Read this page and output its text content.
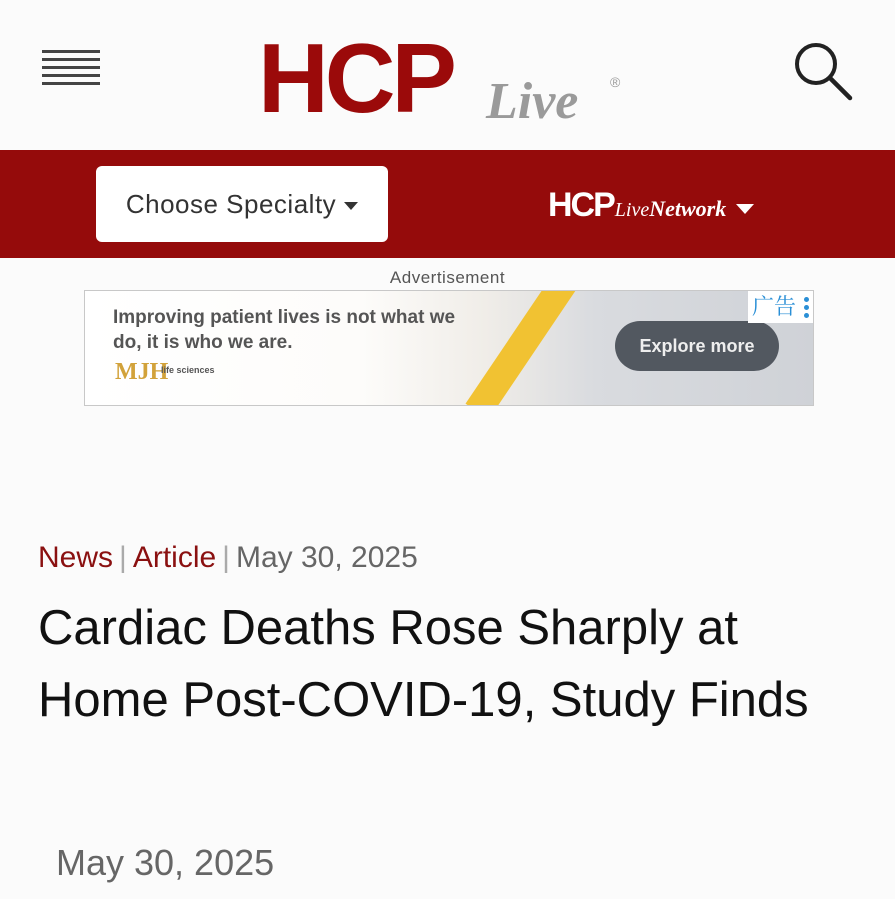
HCP Live ®
Choose Specialty	HCP Live Network
Advertisement
Improving patient lives is not what we do, it is who we are.
MJH
life sciences
Explore more
广告
News | Article | May 30, 2025
Cardiac Deaths Rose Sharply at Home Post-COVID-19, Study Finds
May 30, 2025
